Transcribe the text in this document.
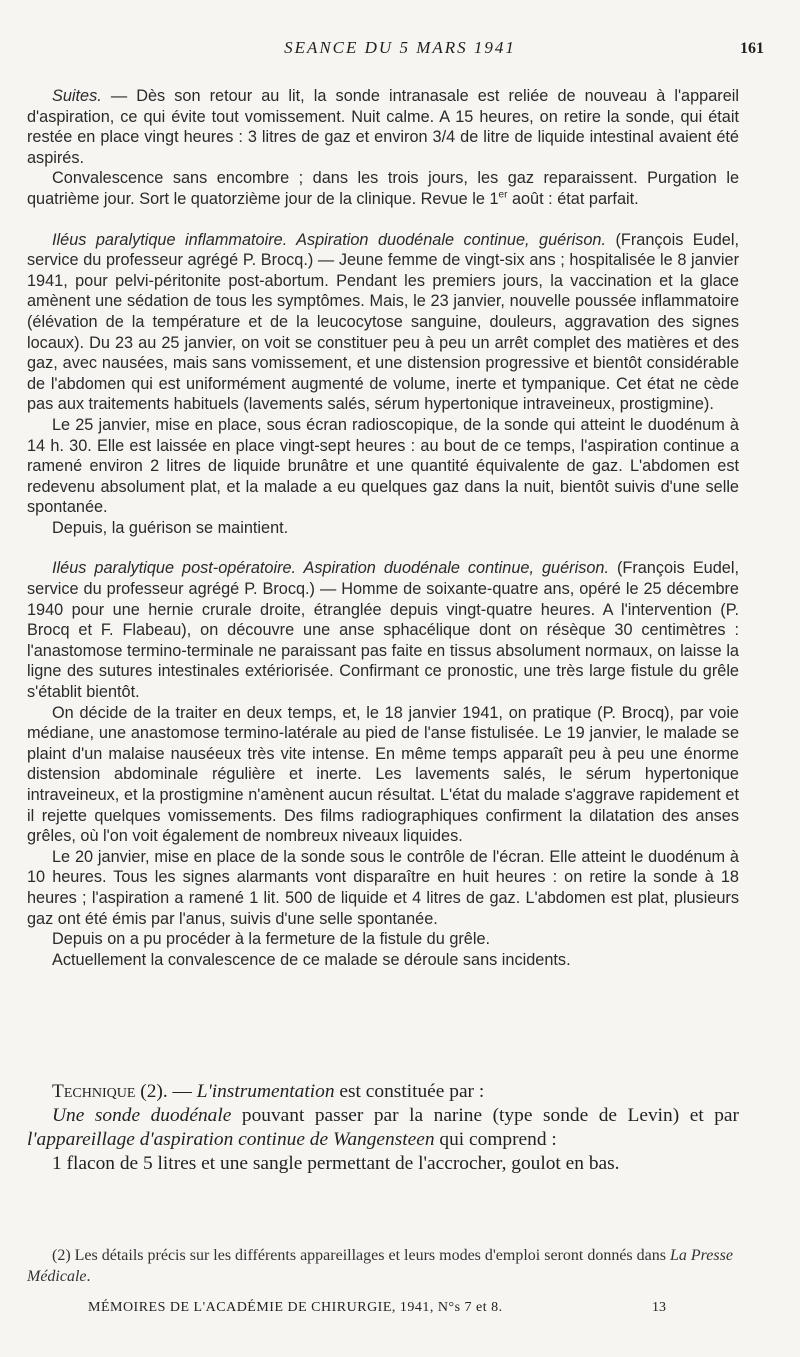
SEANCE DU 5 MARS 1941	161

Suites. — Dès son retour au lit, la sonde intranasale est reliée de nouveau à l'appareil d'aspiration, ce qui évite tout vomissement. Nuit calme. A 15 heures, on retire la sonde, qui était restée en place vingt heures : 3 litres de gaz et environ 3/4 de litre de liquide intestinal avaient été aspirés.

Convalescence sans encombre ; dans les trois jours, les gaz reparaissent. Purgation le quatrième jour. Sort le quatorzième jour de la clinique. Revue le 1er août : état parfait.

Iléus paralytique inflammatoire. Aspiration duodénale continue, guérison. (François Eudel, service du professeur agrégé P. Brocq.) — Jeune femme de vingt-six ans ; hospitalisée le 8 janvier 1941, pour pelvi-péritonite post-abortum. Pendant les premiers jours, la vaccination et la glace amènent une sédation de tous les symptômes. Mais, le 23 janvier, nouvelle poussée inflammatoire (élévation de la température et de la leucocytose sanguine, douleurs, aggravation des signes locaux). Du 23 au 25 janvier, on voit se constituer peu à peu un arrêt complet des matières et des gaz, avec nausées, mais sans vomissement, et une distension progressive et bientôt considérable de l'abdomen qui est uniformément augmenté de volume, inerte et tympanique. Cet état ne cède pas aux traitements habituels (lavements salés, sérum hypertonique intraveineux, prostigmine).

Le 25 janvier, mise en place, sous écran radioscopique, de la sonde qui atteint le duodénum à 14 h. 30. Elle est laissée en place vingt-sept heures : au bout de ce temps, l'aspiration continue a ramené environ 2 litres de liquide brunâtre et une quantité équivalente de gaz. L'abdomen est redevenu absolument plat, et la malade a eu quelques gaz dans la nuit, bientôt suivis d'une selle spontanée.

Depuis, la guérison se maintient.

Iléus paralytique post-opératoire. Aspiration duodénale continue, guérison. (François Eudel, service du professeur agrégé P. Brocq.) — Homme de soixante-quatre ans, opéré le 25 décembre 1940 pour une hernie crurale droite, étranglée depuis vingt-quatre heures. A l'intervention (P. Brocq et F. Flabeau), on découvre une anse sphacélique dont on résèque 30 centimètres : l'anastomose termino-terminale ne paraissant pas faite en tissus absolument normaux, on laisse la ligne des sutures intestinales extériorisée. Confirmant ce pronostic, une très large fistule du grêle s'établit bientôt.

On décide de la traiter en deux temps, et, le 18 janvier 1941, on pratique (P. Brocq), par voie médiane, une anastomose termino-latérale au pied de l'anse fistulisée. Le 19 janvier, le malade se plaint d'un malaise nauséeux très vite intense. En même temps apparaît peu à peu une énorme distension abdominale régulière et inerte. Les lavements salés, le sérum hypertonique intraveineux, et la prostigmine n'amènent aucun résultat. L'état du malade s'aggrave rapidement et il rejette quelques vomissements. Des films radiographiques confirment la dilatation des anses grêles, où l'on voit également de nombreux niveaux liquides.

Le 20 janvier, mise en place de la sonde sous le contrôle de l'écran. Elle atteint le duodénum à 10 heures. Tous les signes alarmants vont disparaître en huit heures : on retire la sonde à 18 heures ; l'aspiration a ramené 1 lit. 500 de liquide et 4 litres de gaz. L'abdomen est plat, plusieurs gaz ont été émis par l'anus, suivis d'une selle spontanée.

Depuis on a pu procéder à la fermeture de la fistule du grêle.

Actuellement la convalescence de ce malade se déroule sans incidents.

Technique (2). — L'instrumentation est constituée par :

Une sonde duodénale pouvant passer par la narine (type sonde de Levin) et par l'appareillage d'aspiration continue de Wangensteen qui comprend :

1 flacon de 5 litres et une sangle permettant de l'accrocher, goulot en bas.

(2) Les détails précis sur les différents appareillages et leurs modes d'emploi seront donnés dans La Presse Médicale.

MÉMOIRES DE L'ACADÉMIE DE CHIRURGIE, 1941, N°s 7 et 8.	13
